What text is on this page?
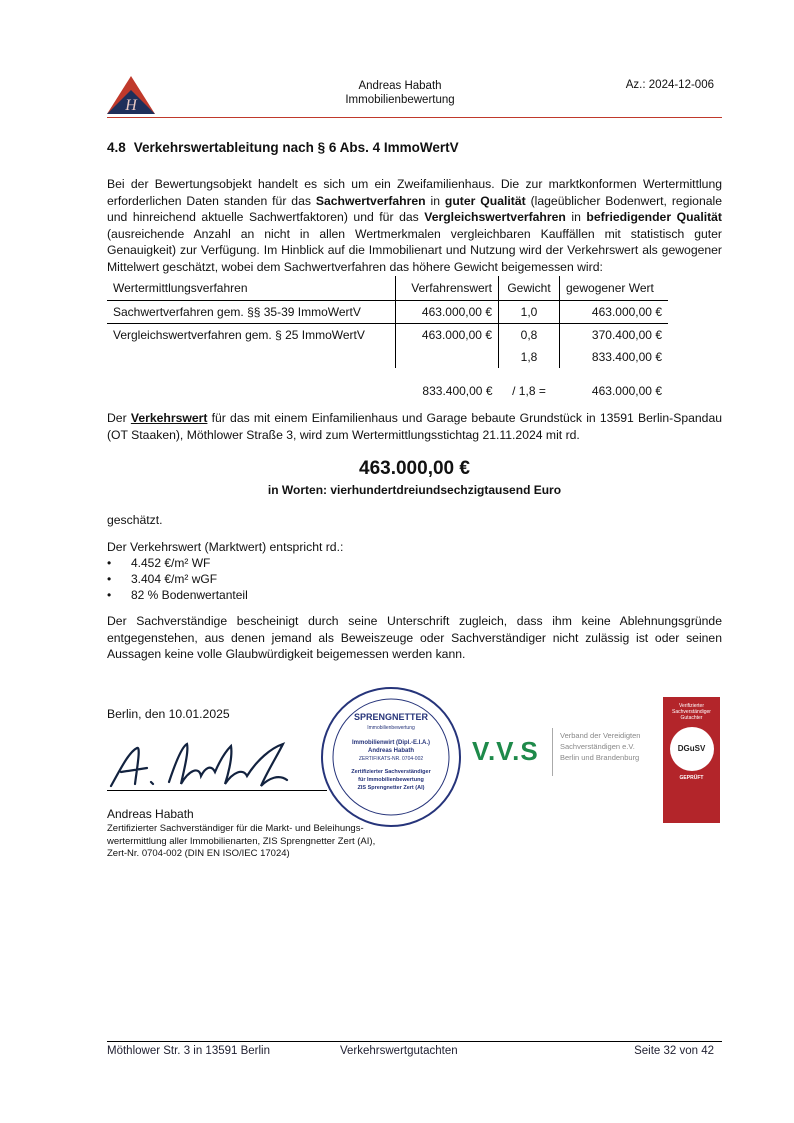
H
Andreas Habath
Immobilienbewertung
Az.: 2024-12-006
4.8 Verkehrswertableitung nach § 6 Abs. 4 ImmoWertV
Bei der Bewertungsobjekt handelt es sich um ein Zweifamilienhaus. Die zur marktkonformen Wertermittlung erforderlichen Daten standen für das Sachwertverfahren in guter Qualität (lageüblicher Bodenwert, regionale und hinreichend aktuelle Sachwertfaktoren) und für das Vergleichswertverfahren in befriedigender Qualität (ausreichende Anzahl an nicht in allen Wertmerkmalen vergleichbaren Kauffällen mit statistisch guter Genauigkeit) zur Verfügung. Im Hinblick auf die Immobilienart und Nutzung wird der Verkehrswert als gewogener Mittelwert geschätzt, wobei dem Sachwertverfahren das höhere Gewicht beigemessen wird:
Wertermittlungsverfahren	Verfahrenswert	Gewicht	gewogener Wert
Sachwertverfahren gem. §§ 35-39 ImmoWertV	463.000,00 €	1,0	463.000,00 €
Vergleichswertverfahren gem. § 25 ImmoWertV	463.000,00 €	0,8	370.400,00 €
		1,8	833.400,00 €
	833.400,00 €	/ 1,8 =	463.000,00 €
Der Verkehrswert für das mit einem Einfamilienhaus und Garage bebaute Grundstück in 13591 Berlin-Spandau (OT Staaken), Möthlower Straße 3, wird zum Wertermittlungsstichtag 21.11.2024 mit rd.
463.000,00 €
in Worten: vierhundertdreiundsechzigtausend Euro
geschätzt.
Der Verkehrswert (Marktwert) entspricht rd.:
• 4.452 €/m² WF
• 3.404 €/m² wGF
• 82 % Bodenwertanteil
Der Sachverständige bescheinigt durch seine Unterschrift zugleich, dass ihm keine Ablehnungsgründe entgegenstehen, aus denen jemand als Beweiszeuge oder Sachverständiger nicht zulässig ist oder seinen Aussagen keine volle Glaubwürdigkeit beigemessen werden kann.
Berlin, den 10.01.2025
Andreas Habath
Zertifizierter Sachverständiger für die Markt- und Beleihungs-
wertermittlung aller Immobilienarten, ZIS Sprengnetter Zert (AI),
Zert-Nr. 0704-002 (DIN EN ISO/IEC 17024)
SPRENGNETTER
Immobilienbewertung
Immobilienwirt (Dipl.-E.I.A.)
Andreas Habath
ZERTIFIKATS-NR. 0704-002
Zertifizierter Sachverständiger
für Immobilienbewertung
ZIS Sprengnetter Zert (AI)
V.V.S
Verband der Vereidigten
Sachverständigen e.V.
Berlin und Brandenburg
Verifizierter
Sachverständiger
Gutachter
DGuSV
GEPRÜFT
Möthlower Str. 3 in 13591 Berlin	Verkehrswertgutachten	Seite 32 von 42
